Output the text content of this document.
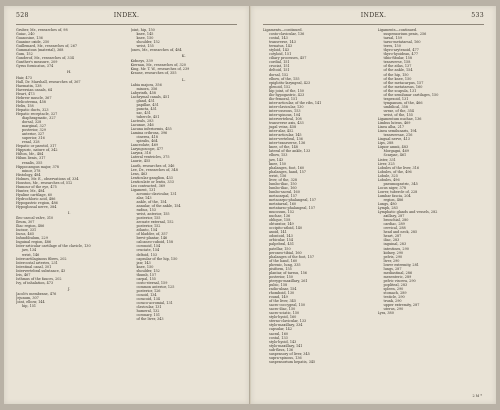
528	INDEX.
Gruber, Mr., researches of, 98
Guiac, 240
Guanosine, 136
Guanine oxide, 250
Guillemard, Mr., researches of, 267
Gummatous (material), 368
Gum, 152
Gunderof, Mr., researches of, 334
Gunther's measure, 209
Gyrus fornicatus, 374
H.
Hair, 473
Hall, Dr. Marshall, researches of, 367
Haematin, 138
Haversian canals, 64
Heart, 473
Hebrew muscle, 367
Helicotrema, 458
Helix, 158
Hepatic ducts, 323
Hepatic receptacle, 327
diaphragmatic, 327
dorsal, 328
marginal, 327
posterior, 329
anterior, 327
superior, 316
renal, 328
Hepatic or parotid, 317
Hippuric, nature of, 342
Hilton, Mr., 484
Hilum lienis, 317
renalis, 355
Hippocampus major, 378
minor, 378
Histology, 484
Holmes, Mr. E., observations of, 334
Houston, Mr., researches of, 512
Humour of the eye, 475
Hunter, Mr., 484
Hyaline cartilage, 60
Hydrochloric acid, 486
Hypogastric region, 486
Hypoglossal nerve, 384
I.
Ileo-caecal valve, 310
Ileum, 307
Iliac region, 486
Incisor, 331
Incus, 465
Infundibulum, 229
Inguinal region, 486
Inter-articular cartilage of the clavicle, 130
jaw, 134
wrist, 146
Intercartilaginous fibres, 202
Intercostal arteries, 231
Intestinal canal, 301
Intervertebral substance, 43
Iris, 467
Isthmus of the fauces, 202
Ivy, of inhalation, 473
J.
Jacob's membrane, 476
Jejunum, 307
Joint, elbow, 144
hip, 151
Joint, hip, 150
knee, 145
knee, 150
shoulder, 152
wrist, 155
Jones, Mr., researches of, 484
K.
Kidneys, 339
Kiernan, Mr., researches of, 320
King, Mr. T. W., researches of, 239
Krause, researches of, 355
L.
Labia majora, 356
minora, 356
Labyrinth, 458
Lachrymal canals, 451
gland, 451
papillae, 451
puncta, 451
sac, 451
tubercle, 451
Lacteals, 283
Lacunae, 346
Lacuna inferiormis, 455
Lamina cribrosa, 396
cinerea, 418
spiralis, 464
Lanceolate, 469
Laryngoscope, 477
Larynx, 316
Lateral ventricles, 375
Laurie, 455
Lauth, researches of, 346
Lee, Dr., researches of, 348
Lens, 463
Lenticular ganglion, 433
Lenticulate or lentis, 333
Leo contracted, 369
Ligament, 131
acromio-clavicular, 131
alar, 143
ankle, of the, 154
annular, of the ankle, 154
radius, 153
wrist, anterior, 155
posterior, 155
arcuate external, 152
posterior, 152
atlanto, 154
of bladder, of, 357
brevi-plantar, 146
calcaneo-cuboid, 158
coronoid, 154
cruciate, 154
deltoid, 153
capsular of the hip, 150
jaw, 143
knee, 150
shoulder, 152
thumb, 157
carpal, 155
costo-sternal, 159
common anterior, 125
posterior, 126
conoid, 134
coracoid, 134
coraco-acromial, 131
clavicular, 131
humeral, 132
coronary, 151
of the liver, 343
INDEX.	533
Ligaments—continued.
costo-clavicular, 136
costal, 143
transverse, 143
ternatus, 143
styloid, 143
cotyloid, 151
ciliary processes, 457
cordial, 151
cruciat, 151
deltoid, 151
dorsal, 152
elbow, of the, 155
epiglotto-laryngeal, 423
glenoid, 152
hip joint, of the, 150
ilio-hypogastric, 423
ilio-femoral, 151
inter-articular, of the ribs, 141
inter-clavicular, 130
inter-osseous, 153
inter-spinous, 104
intervertebral, 108
transverse axis, 433
jugal veins, 458
inter-alar, 452
inter-articular, 145
inter-vertebral, 136
inter-transverse, 136
knee, of the, 148
lateral of the ankle, 133
elbow, 153
jaw, 143
knee, 150
phalanges, foot, 160
phalanges, hand, 157
wrist, 156
liver, of the, 328
lumbo-iliac, 150
lumbo-iliac, 160
lumbo-sacral, 160
metacarpal, 157
metacarpo-phalangeal, 157
metatarsal, 160
metatarso-phalangeal, 157
mucosum, 152
nuchae, 136
oblique, 158
obturator, 149
occipito-atloid, 140
axoid, 141
odontoid, 143
orbicular, 154
palpebral, 451
patellar, 150
peroneo-tibial, 160
phalanges of the foot, 157
of the hand, 160
phrenic, lung, 335
pisiform, 155
plantar, of tarsus, 156
posterior, 150
pterygo-maxillary, 261
pubic, 158
radio-ulnar, 154
rhomboid, 130
round, 149
of the liver, 345
sacro-coccygeal, 150
sacro-iliac, 150
sacro-sciatic, 150
stylo-hyoid, 160
sterno-clavicular, 133
stylo-maxillary, 334
capsular, 142
sacral, 160
costal, 133
stylo-hyoid, 143
stylo-maxillary, 141
sub-flava, 136
suspensory of liver, 345
supra-spinous, 136
suspensorium hepatis, 345
Ligaments—continued.
suspensorium penis, 256
tarsal, 159
tarso-metatarsal, 160
teres, 150
thyro-arytenoid, 477
thyro-hyoidean, 477
tibio-fibular, 158
transverse, 158
of the atlas, 137
of the ankle, 154
of the hip, 150
of the knee, 150
of the metacarpus, 157
of the metatarsus, 160
of the scapula, 131
of the semilunar cartilages, 150
trapezoid, 131
tympanum, of the, 466
umbilical, 358
uvrae, of the, 354
wrist, of the, 155
Ligamentum nuchae, 136
Limbus luteus, 469
Linea alba, 217
Linea semilunaris, 194
transversae, 216
Lingual nerve, 413
Lips, 288
Liquor amnii, 483
Morgagni, 469
Scarpae, 461
Lister, 331
Liver, 325
Lobules of the liver, 316
Lobules, of the, 496
Lobule, 325
Lobules, 496
pneumogastric, 345
Locus niger, 378
Lower, tubercle of, 228
Lumbar fascia, 204
region, 486
Lungs, 480
Lymph, 283
Lymphatic glands and vessels, 282
axillary, 287
bronchial, 280
cardiac, 289
cervical, 288
head and neck, 285
heart, 287
iliac, 283
inguinal, 283
intestines, 290
kidney, 290
pelvis, 290
liver, 290
lower extremity, 281
lungs, 287
mediastinal, 286
mesenteric, 289
pelvic viscera, 290
popliteal, 283
spleen, 290
stomach, 289
testicle, 290
trunk, 290
upper extremity, 287
uterus, 290
Lyra, 380
2 M *
